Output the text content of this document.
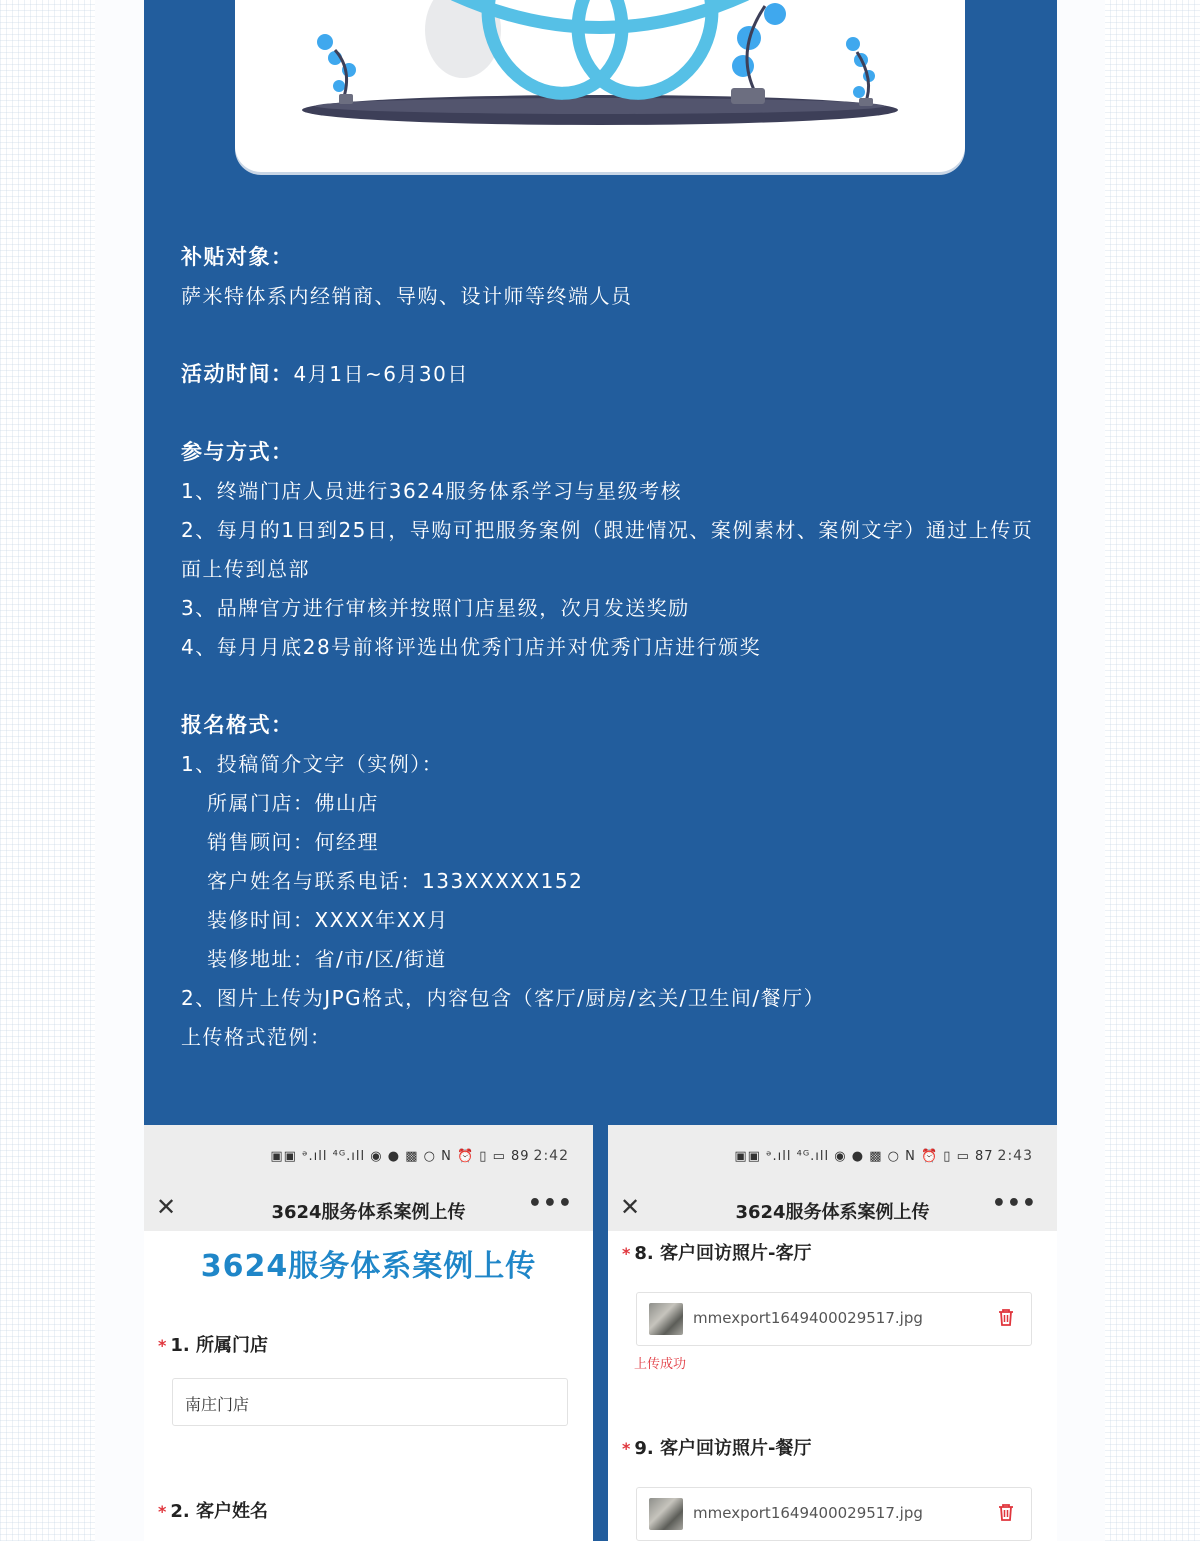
补贴对象：
萨米特体系内经销商、导购、设计师等终端人员
活动时间：4月1日~6月30日
参与方式：
1、终端门店人员进行3624服务体系学习与星级考核
2、每月的1日到25日，导购可把服务案例（跟进情况、案例素材、案例文字）通过上传页面上传到总部
3、品牌官方进行审核并按照门店星级，次月发送奖励
4、每月月底28号前将评选出优秀门店并对优秀门店进行颁奖
报名格式：
1、投稿简介文字（实例）：
所属门店：佛山店
销售顾问：何经理
客户姓名与联系电话：133XXXXX152
装修时间：XXXX年XX月
装修地址：省/市/区/街道
2、图片上传为JPG格式，内容包含（客厅/厨房/玄关/卫生间/餐厅）
上传格式范例：
▣▣ ᵊ.ıll ⁴ᴳ.ıll ◉ ● ▩ ○ N ⏰ ▯ ▭ 89 2:42
✕	3624服务体系案例上传	•••
3624服务体系案例上传
* 1. 所属门店
南庄门店
* 2. 客户姓名
▣▣ ᵊ.ıll ⁴ᴳ.ıll ◉ ● ▩ ○ N ⏰ ▯ ▭ 87 2:43
✕	3624服务体系案例上传	•••
* 8. 客户回访照片-客厅
mmexport1649400029517.jpg
上传成功
* 9. 客户回访照片-餐厅
mmexport1649400029517.jpg
